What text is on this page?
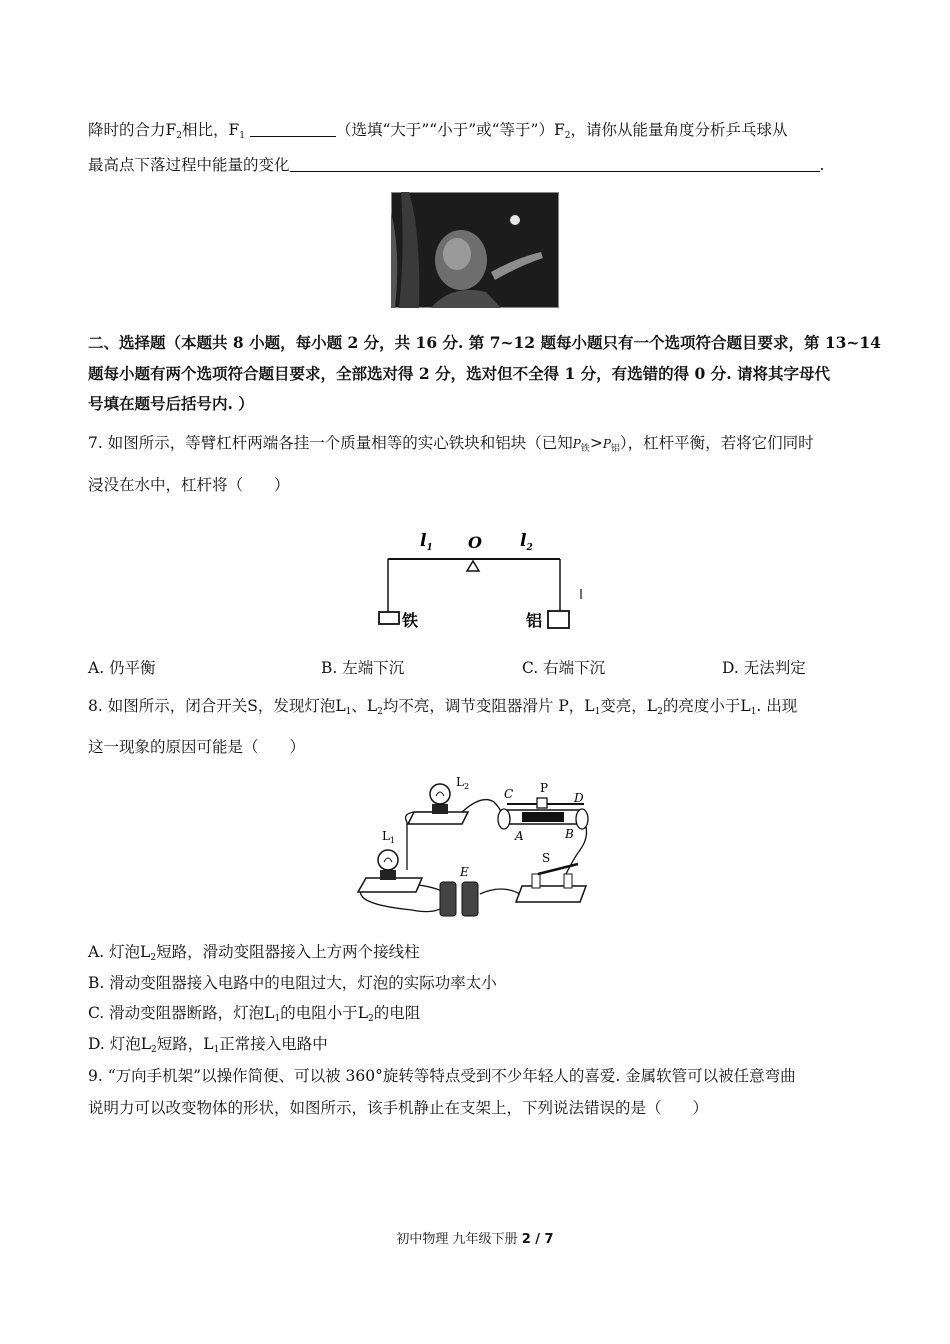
降时的合力$F_2$相比，$F_1$	（选填“大于”“小于”或“等于$”)F_2$，请你从能量角度分析乒乓球从
最高点下落过程中能量的变化	.
二、选择题（本题共 8 小题，每小题 2 分，共 16 分. 第 7~12 题每小题只有一个选项符合题目要求，第 13~14
题每小题有两个选项符合题目要求，全部选对得 2 分，选对但不全得 1 分，有选错的得 0 分. 请将其字母代
号填在题号后括号内. ）
7. 如图所示，等臂杠杆两端各挂一个质量相等的实心铁块和铝块（已知$P_铁>P_铝$），杠杆平衡，若将它们同时
浸没在水中，杠杆将（　　）
$l_1$ O $l_2$
铁	铝
A. 仍平衡	B. 左端下沉	C. 右端下沉	D. 无法判定
8. 如图所示，闭合开关S，发现灯泡$L_1$、$L_2$均不亮，调节变阻器滑片 P，$L_1$变亮，$L_2$的亮度小于$L_1$. 出现
这一现象的原因可能是（　　）
$L_2$
C P
D
A	B
$L_1$
E
S
A. 灯泡$L_2$短路，滑动变阻器接入上方两个接线柱
B. 滑动变阻器接入电路中的电阻过大，灯泡的实际功率太小
C. 滑动变阻器断路，灯泡$L_1$的电阻小于$L_2$的电阻
D. 灯泡$L_2$短路，$L_1$正常接入电路中
9. “万向手机架”以操作简便、可以被 360°旋转等特点受到不少年轻人的喜爱. 金属软管可以被任意弯曲
说明力可以改变物体的形状，如图所示，该手机静止在支架上，下列说法错误的是（　　）
初中物理 九年级下册 2 / 7
